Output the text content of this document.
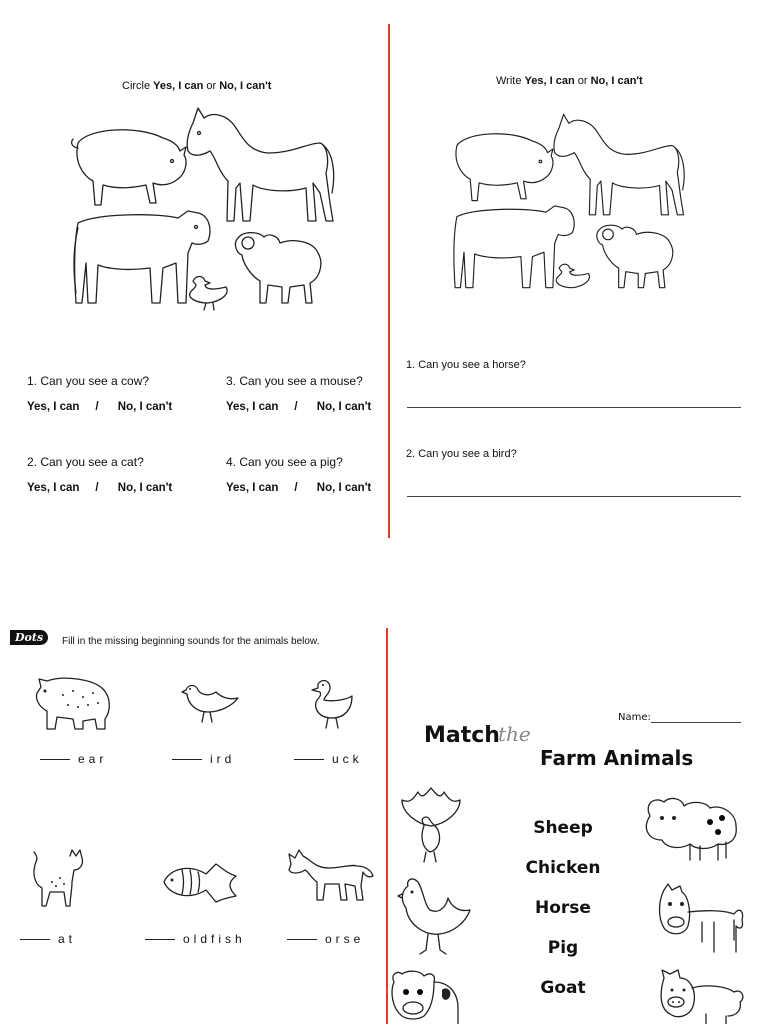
Circle Yes, I can or No, I can't
1. Can you see a cow?
Yes, I can     /      No, I can't
3. Can you see a mouse?
Yes, I can     /      No, I can't
2. Can you see a cat?
Yes, I can     /      No, I can't
4. Can you see a pig?
Yes, I can     /      No, I can't
Write Yes, I can or No, I can't
1. Can you see a horse?
2. Can you see a bird?
Dots	Fill in the missing beginning sounds for the animals below.
ear	ird	uck
at	oldfish	orse
Name:
Match
the
Farm Animals
Sheep
Chicken
Horse
Pig
Goat
